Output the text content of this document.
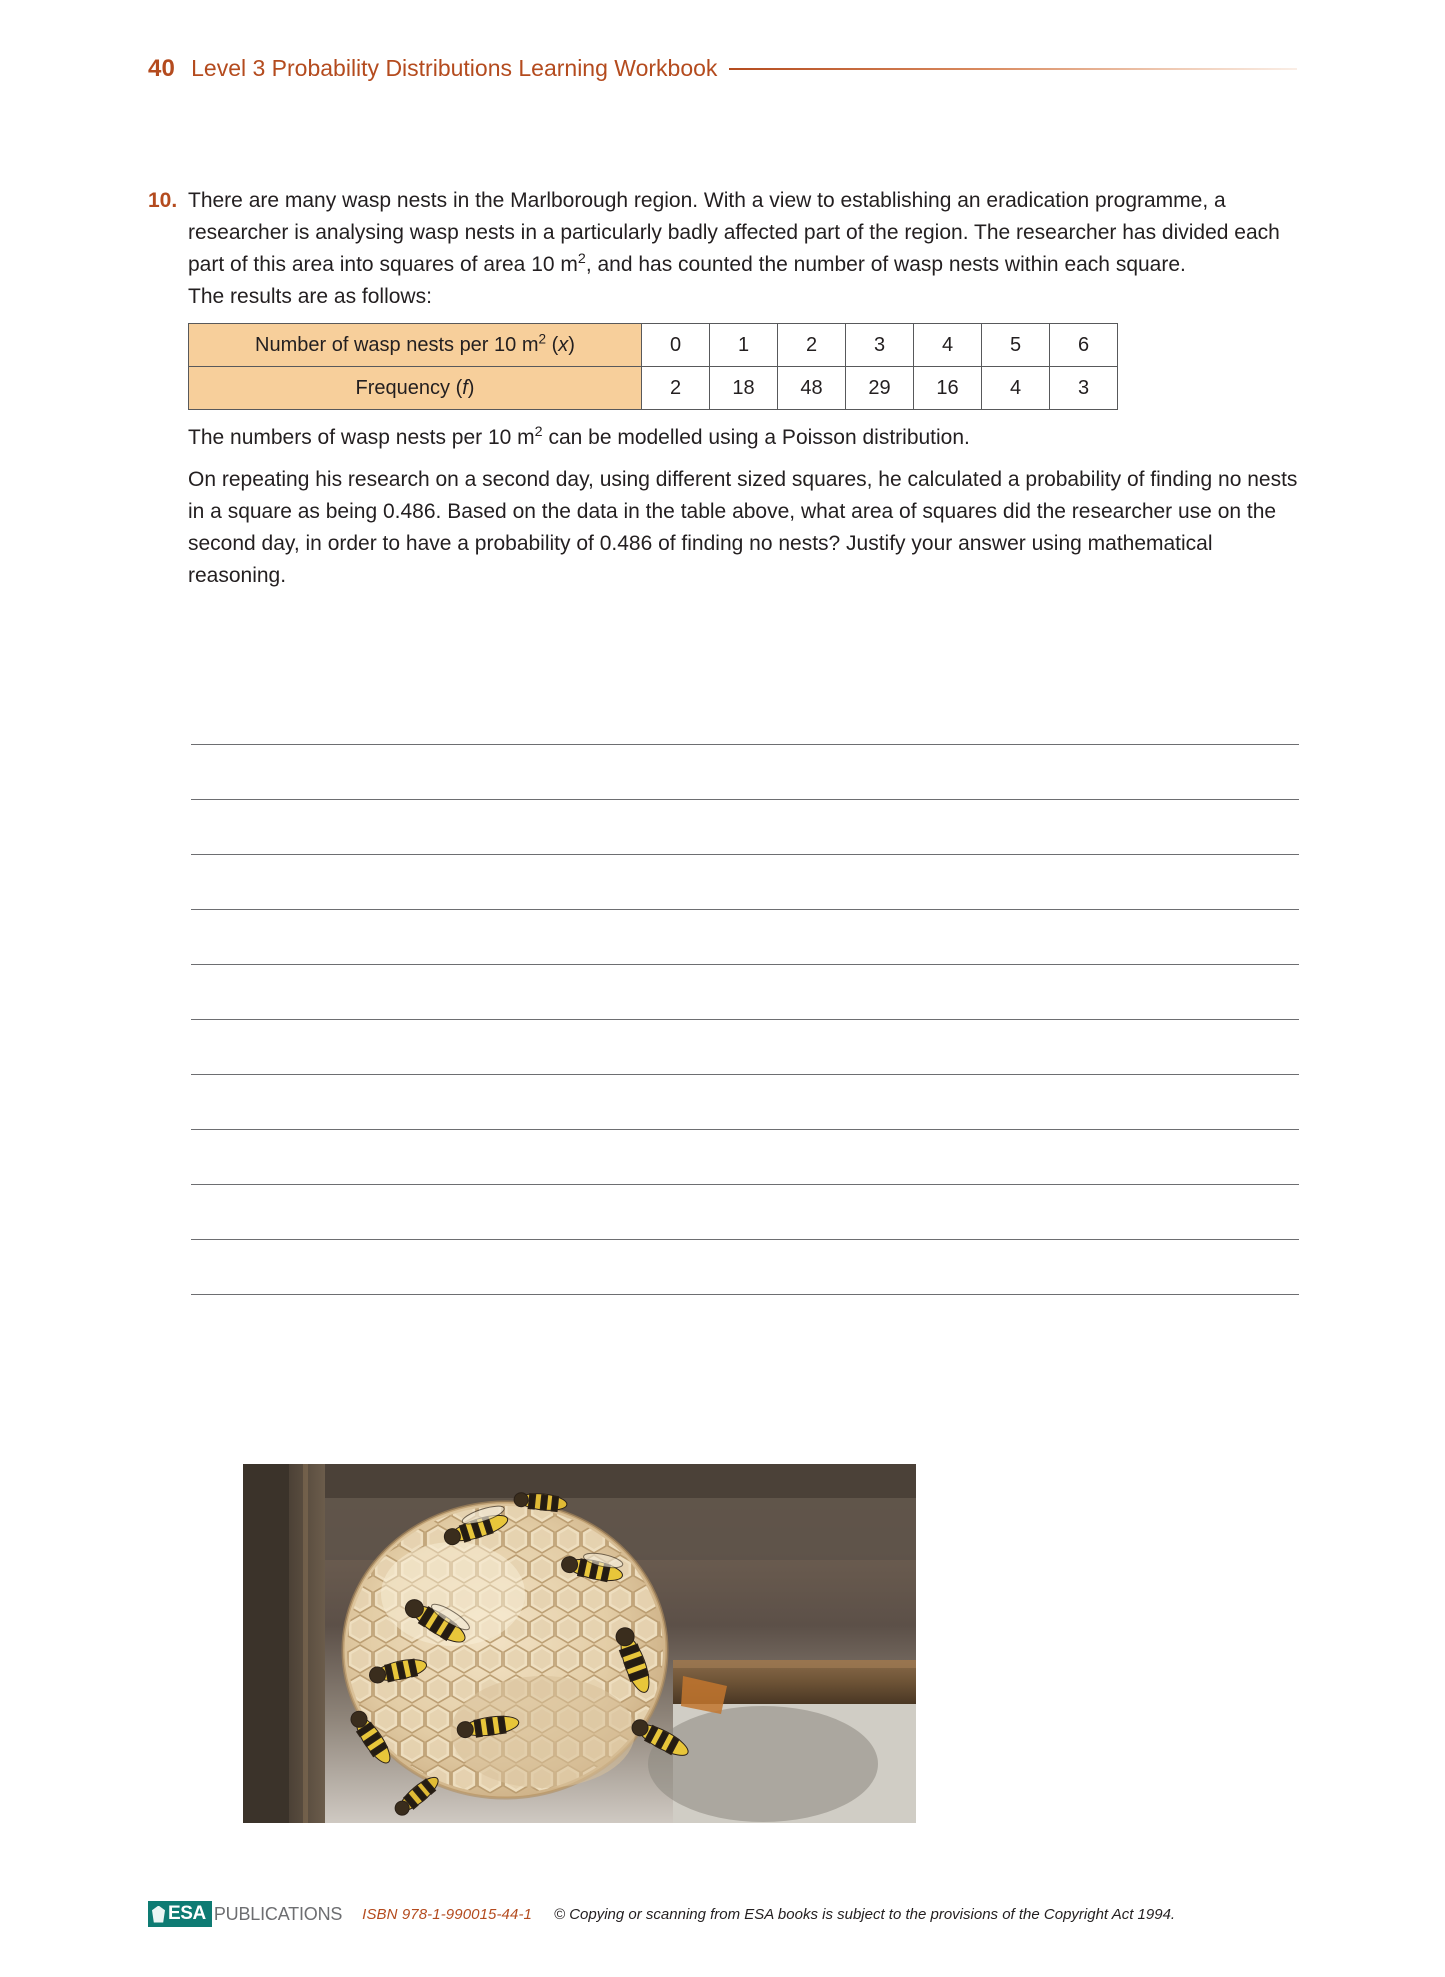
40 Level 3 Probability Distributions Learning Workbook
10. There are many wasp nests in the Marlborough region. With a view to establishing an eradication programme, a researcher is analysing wasp nests in a particularly badly affected part of the region. The researcher has divided each part of this area into squares of area 10 $m^2$, and has counted the number of wasp nests within each square.

The results are as follows:

Number of wasp nests per 10 $m^2$ (x)	0	1	2	3	4	5	6
Frequency (f)	2	18	48	29	16	4	3

The numbers of wasp nests per 10 $m^2$ can be modelled using a Poisson distribution.

On repeating his research on a second day, using different sized squares, he calculated a probability of finding no nests in a square as being 0.486. Based on the data in the table above, what area of squares did the researcher use on the second day, in order to have a probability of 0.486 of finding no nests? Justify your answer using mathematical reasoning.

ESA PUBLICATIONS ISBN 978-1-990015-44-1 © Copying or scanning from ESA books is subject to the provisions of the Copyright Act 1994.
